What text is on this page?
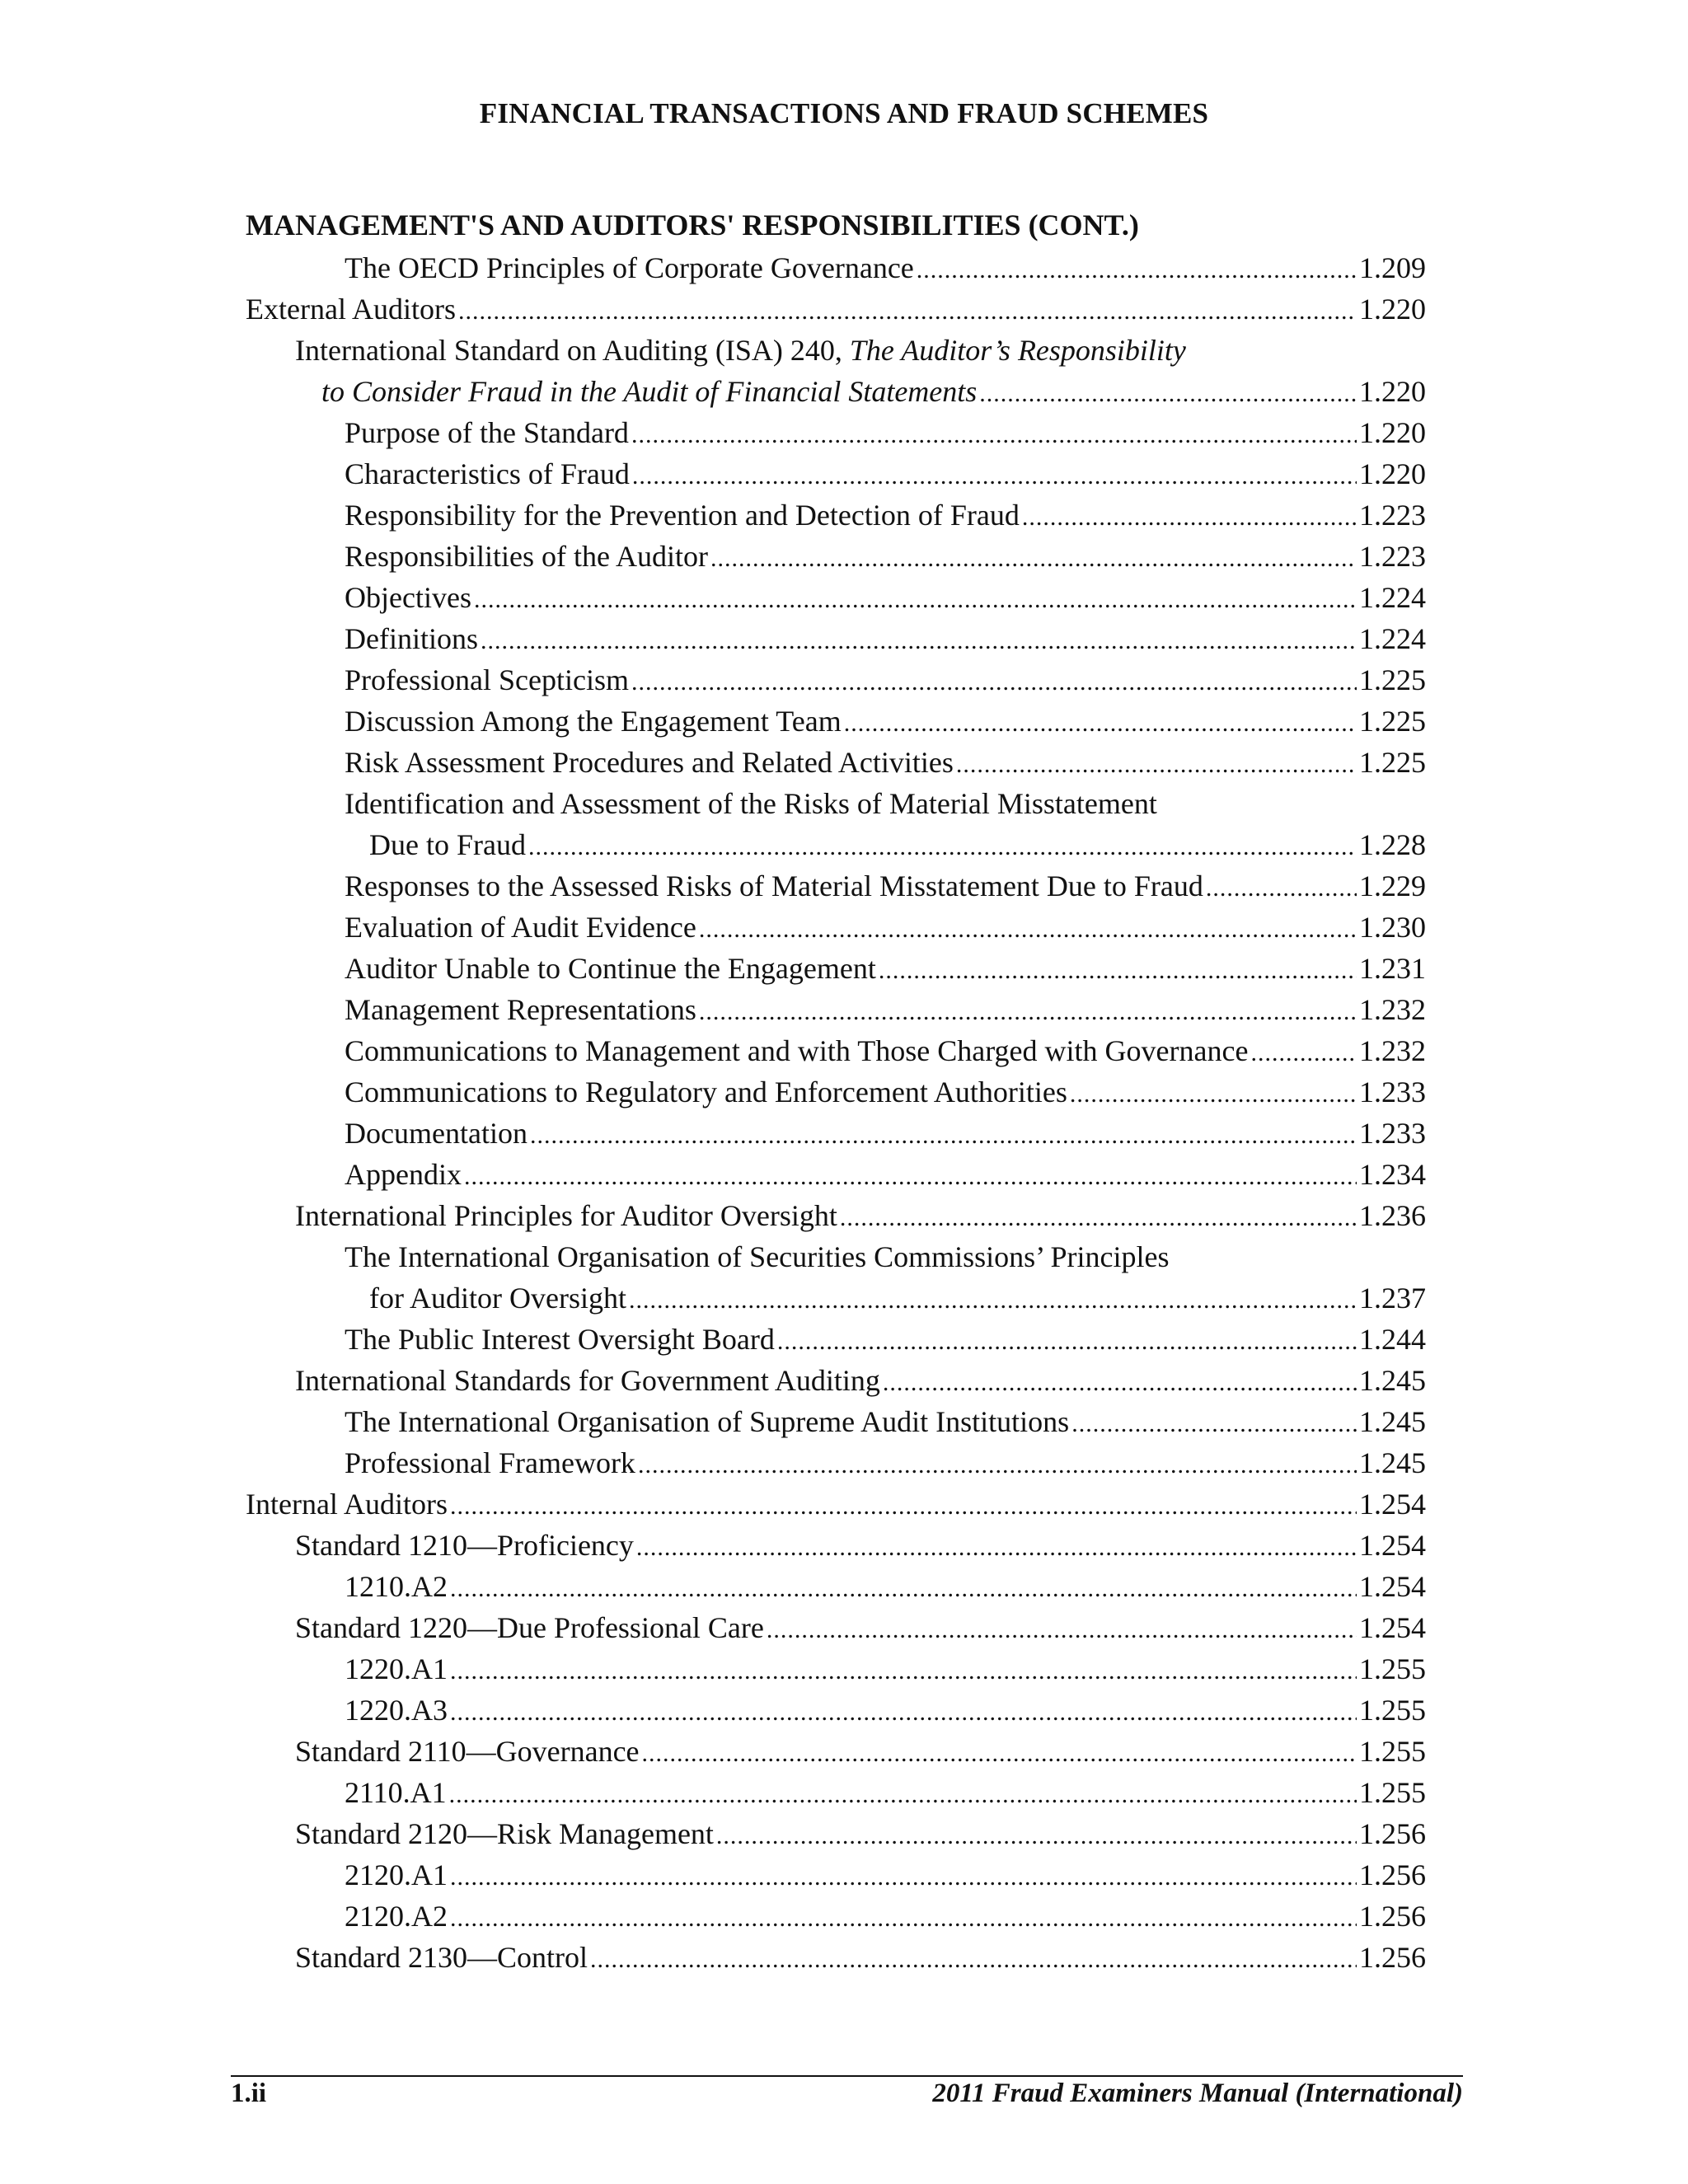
FINANCIAL TRANSACTIONS AND FRAUD SCHEMES
MANAGEMENT'S AND AUDITORS' RESPONSIBILITIES (CONT.)
The OECD Principles of Corporate Governance .....	1.209
External Auditors .....	1.220
International Standard on Auditing (ISA) 240, The Auditor’s Responsibility
to Consider Fraud in the Audit of Financial Statements .....	1.220
Purpose of the Standard .....	1.220
Characteristics of Fraud .....	1.220
Responsibility for the Prevention and Detection of Fraud .....	1.223
Responsibilities of the Auditor .....	1.223
Objectives .....	1.224
Definitions .....	1.224
Professional Scepticism .....	1.225
Discussion Among the Engagement Team .....	1.225
Risk Assessment Procedures and Related Activities .....	1.225
Identification and Assessment of the Risks of Material Misstatement
Due to Fraud .....	1.228
Responses to the Assessed Risks of Material Misstatement Due to Fraud .....	1.229
Evaluation of Audit Evidence .....	1.230
Auditor Unable to Continue the Engagement .....	1.231
Management Representations .....	1.232
Communications to Management and with Those Charged with Governance .....	1.232
Communications to Regulatory and Enforcement Authorities .....	1.233
Documentation .....	1.233
Appendix .....	1.234
International Principles for Auditor Oversight .....	1.236
The International Organisation of Securities Commissions’ Principles
for Auditor Oversight .....	1.237
The Public Interest Oversight Board .....	1.244
International Standards for Government Auditing .....	1.245
The International Organisation of Supreme Audit Institutions .....	1.245
Professional Framework .....	1.245
Internal Auditors .....	1.254
Standard 1210—Proficiency .....	1.254
1210.A2 .....	1.254
Standard 1220—Due Professional Care .....	1.254
1220.A1 .....	1.255
1220.A3 .....	1.255
Standard 2110—Governance .....	1.255
2110.A1 .....	1.255
Standard 2120—Risk Management .....	1.256
2120.A1 .....	1.256
2120.A2 .....	1.256
Standard 2130—Control .....	1.256
1.ii	2011 Fraud Examiners Manual (International)
